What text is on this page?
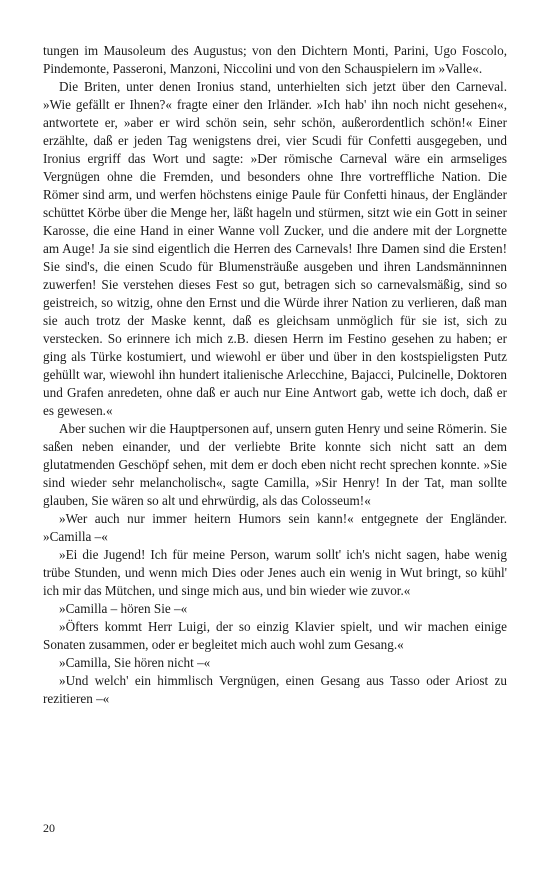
tungen im Mausoleum des Augustus; von den Dichtern Monti, Parini, Ugo Foscolo, Pindemonte, Passeroni, Manzoni, Niccolini und von den Schauspielern im »Valle«.

Die Briten, unter denen Ironius stand, unterhielten sich jetzt über den Carneval. »Wie gefällt er Ihnen?« fragte einer den Irländer. »Ich hab' ihn noch nicht gesehen«, antwortete er, »aber er wird schön sein, sehr schön, außerordentlich schön!« Einer erzählte, daß er jeden Tag wenigstens drei, vier Scudi für Confetti ausgegeben, und Ironius ergriff das Wort und sagte: »Der römische Carneval wäre ein armseliges Vergnügen ohne die Fremden, und besonders ohne Ihre vortreffliche Nation. Die Römer sind arm, und werfen höchstens einige Paule für Confetti hinaus, der Engländer schüttet Körbe über die Menge her, läßt hageln und stürmen, sitzt wie ein Gott in seiner Karosse, die eine Hand in einer Wanne voll Zucker, und die andere mit der Lorgnette am Auge! Ja sie sind eigentlich die Herren des Carnevals! Ihre Damen sind die Ersten! Sie sind's, die einen Scudo für Blumensträuße ausgeben und ihren Landsmänninnen zuwerfen! Sie verstehen dieses Fest so gut, betragen sich so carnevalsmäßig, sind so geistreich, so witzig, ohne den Ernst und die Würde ihrer Nation zu verlieren, daß man sie auch trotz der Maske kennt, daß es gleichsam unmöglich für sie ist, sich zu verstecken. So erinnere ich mich z.B. diesen Herrn im Festino gesehen zu haben; er ging als Türke kostumiert, und wiewohl er über und über in den kostspieligsten Putz gehüllt war, wiewohl ihn hundert italienische Arlecchine, Bajacci, Pulcinelle, Doktoren und Grafen anredeten, ohne daß er auch nur Eine Antwort gab, wette ich doch, daß er es gewesen.«

Aber suchen wir die Hauptpersonen auf, unsern guten Henry und seine Römerin. Sie saßen neben einander, und der verliebte Brite konnte sich nicht satt an dem glutatmenden Geschöpf sehen, mit dem er doch eben nicht recht sprechen konnte. »Sie sind wieder sehr melancholisch«, sagte Camilla, »Sir Henry! In der Tat, man sollte glauben, Sie wären so alt und ehrwürdig, als das Colosseum!«

»Wer auch nur immer heitern Humors sein kann!« entgegnete der Engländer. »Camilla –«

»Ei die Jugend! Ich für meine Person, warum sollt' ich's nicht sagen, habe wenig trübe Stunden, und wenn mich Dies oder Jenes auch ein wenig in Wut bringt, so kühl' ich mir das Mütchen, und singe mich aus, und bin wieder wie zuvor.«

»Camilla – hören Sie –«

»Öfters kommt Herr Luigi, der so einzig Klavier spielt, und wir machen einige Sonaten zusammen, oder er begleitet mich auch wohl zum Gesang.«

»Camilla, Sie hören nicht –«

»Und welch' ein himmlisch Vergnügen, einen Gesang aus Tasso oder Ariost zu rezitieren –«

20
